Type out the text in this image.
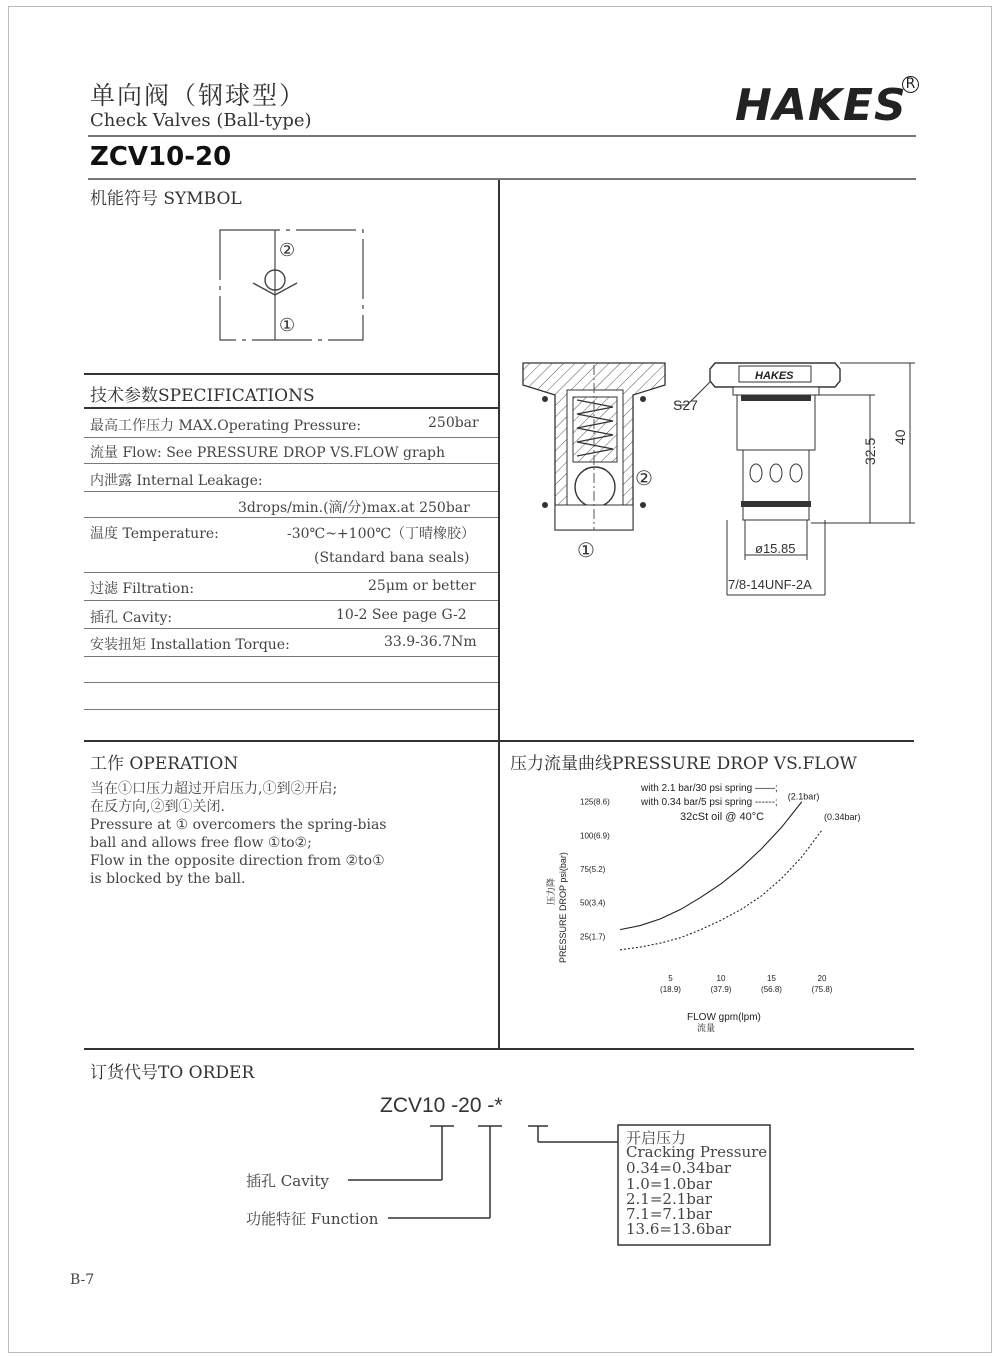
单向阀（钢球型）
Check Valves (Ball-type)	HAKES
R
ZCV10-20
机能符号 SYMBOL
②
①
技术参数SPECIFICATIONS
最高工作压力 MAX.Operating Pressure:	250bar
流量 Flow: See PRESSURE DROP VS.FLOW graph
内泄露 Internal Leakage:
3drops/min.(滴/分)max.at 250bar
温度 Temperature:	-30℃~+100℃（丁晴橡胶）
(Standard bana seals)
过滤 Filtration:	25μm or better
插孔 Cavity:	10-2 See page G-2
安装扭矩 Installation Torque:	33.9-36.7Nm
②
①
HAKES
S27
32.5
40
ø15.85
7/8-14UNF-2A
工作 OPERATION
当在①口压力超过开启压力,①到②开启;
在反方向,②到①关闭.
Pressure at ① overcomers the spring-bias
ball and allows free flow ①to②;
Flow in the opposite direction from ②to①
is blocked by the ball.
压力流量曲线PRESSURE DROP VS.FLOW
with 2.1 bar/30 psi spring ——;
with 0.34 bar/5 psi spring ------;
32cSt oil @ 40°C
压力降 PRESSURE DROP psi(bar)
FLOW gpm(lpm)
流量
25(1.7)
50(3.4)
75(5.2)
100(6.9)
125(8.6)
5
(18.9)
10
(37.9)
15
(56.8)
20
(75.8)
(2.1bar)
(0.34bar)
订货代号TO ORDER
ZCV10 -20 -*
插孔 Cavity
功能特征 Function
开启压力
Cracking Pressure
0.34=0.34bar
1.0=1.0bar
2.1=2.1bar
7.1=7.1bar
13.6=13.6bar
B-7
